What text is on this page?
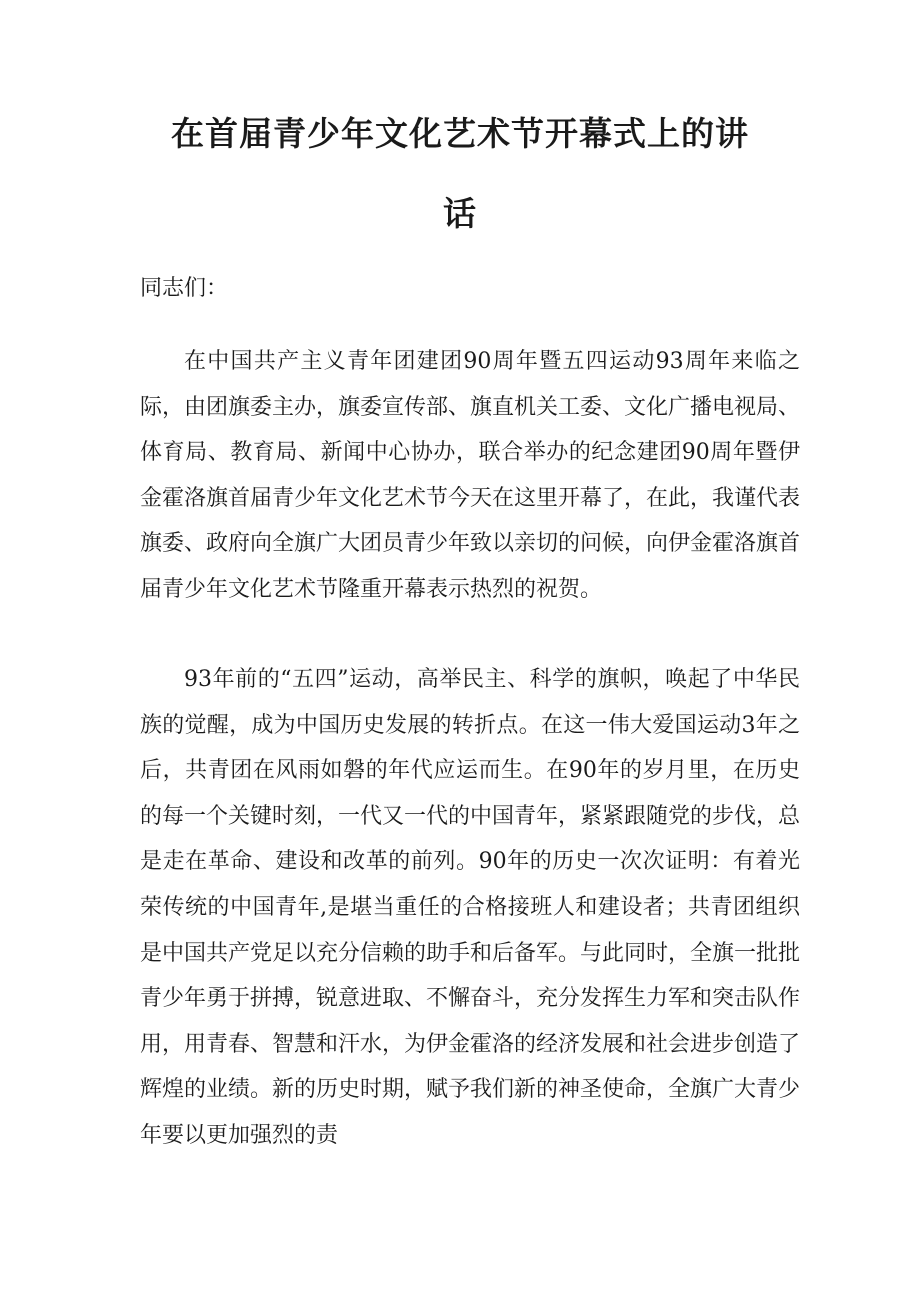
在首届青少年文化艺术节开幕式上的讲
话

同志们：

在中国共产主义青年团建团90周年暨五四运动93周年来临之际，由团旗委主办，旗委宣传部、旗直机关工委、文化广播电视局、体育局、教育局、新闻中心协办，联合举办的纪念建团90周年暨伊金霍洛旗首届青少年文化艺术节今天在这里开幕了，在此，我谨代表旗委、政府向全旗广大团员青少年致以亲切的问候，向伊金霍洛旗首届青少年文化艺术节隆重开幕表示热烈的祝贺。

93年前的“五四”运动，高举民主、科学的旗帜，唤起了中华民族的觉醒，成为中国历史发展的转折点。在这一伟大爱国运动3年之后，共青团在风雨如磐的年代应运而生。在90年的岁月里，在历史的每一个关键时刻，一代又一代的中国青年，紧紧跟随党的步伐，总是走在革命、建设和改革的前列。90年的历史一次次证明：有着光荣传统的中国青年,是堪当重任的合格接班人和建设者；共青团组织是中国共产党足以充分信赖的助手和后备军。与此同时，全旗一批批青少年勇于拼搏，锐意进取、不懈奋斗，充分发挥生力军和突击队作用，用青春、智慧和汗水，为伊金霍洛的经济发展和社会进步创造了辉煌的业绩。新的历史时期，赋予我们新的神圣使命，全旗广大青少年要以更加强烈的责
